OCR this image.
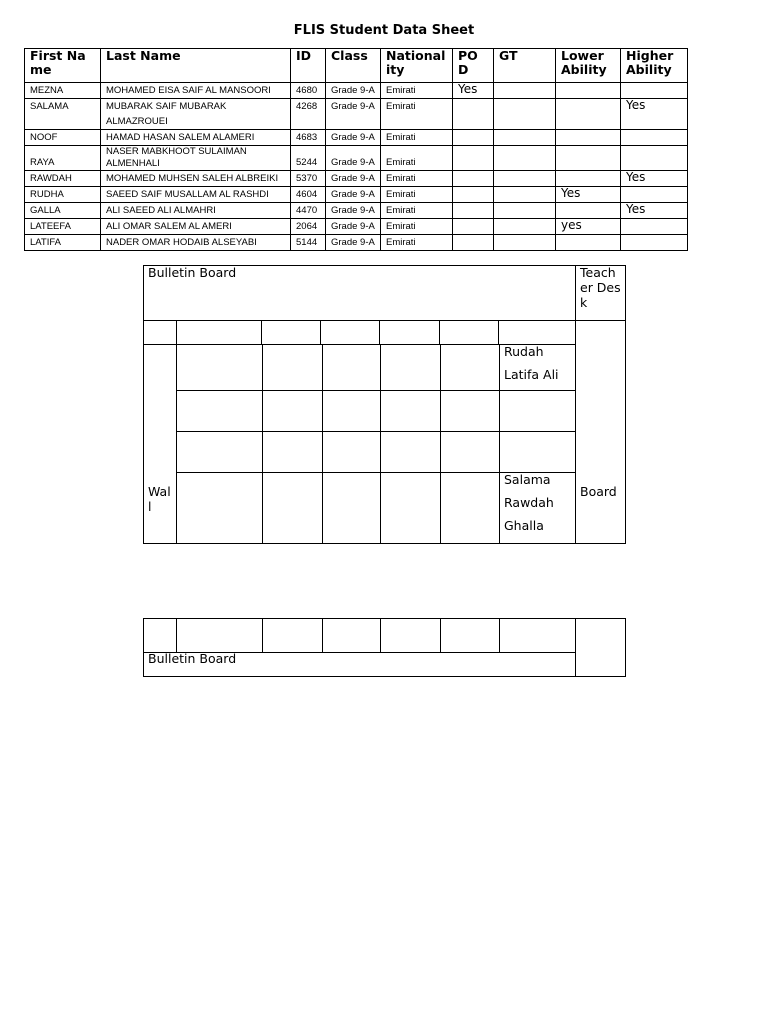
FLIS Student Data Sheet
First Name	Last Name	ID	Class	Nationality	POD	GT	Lower Ability	Higher Ability
MEZNA	MOHAMED EISA SAIF AL MANSOORI	4680	Grade 9-A	Emirati	Yes			

SALAMA	MUBARAK SAIF MUBARAK ALMAZROUEI	4268	Grade 9-A	Emirati				Yes

NOOF	HAMAD HASAN SALEM ALAMERI	4683	Grade 9-A	Emirati	

RAYA	NASER MABKHOOT SULAIMAN ALMENHALI	5244	Grade 9-A	Emirati	

RAWDAH	MOHAMED MUHSEN SALEH ALBREIKI	5370	Grade 9-A	Emirati				Yes

RUDHA	SAEED SAIF MUSALLAM AL RASHDI	4604	Grade 9-A	Emirati			Yes	

GALLA	ALI SAEED ALI ALMAHRI	4470	Grade 9-A	Emirati				Yes

LATEEFA	ALI OMAR SALEM AL AMERI	2064	Grade 9-A	Emirati			yes	

LATIFA	NADER OMAR HODAIB ALSEYABI	5144	Grade 9-A	Emirati	

Bulletin Board	Teacher Desk
Wall
Board
Rudah
Latifa Ali
Salama
Rawdah
Ghalla
Bulletin Board
